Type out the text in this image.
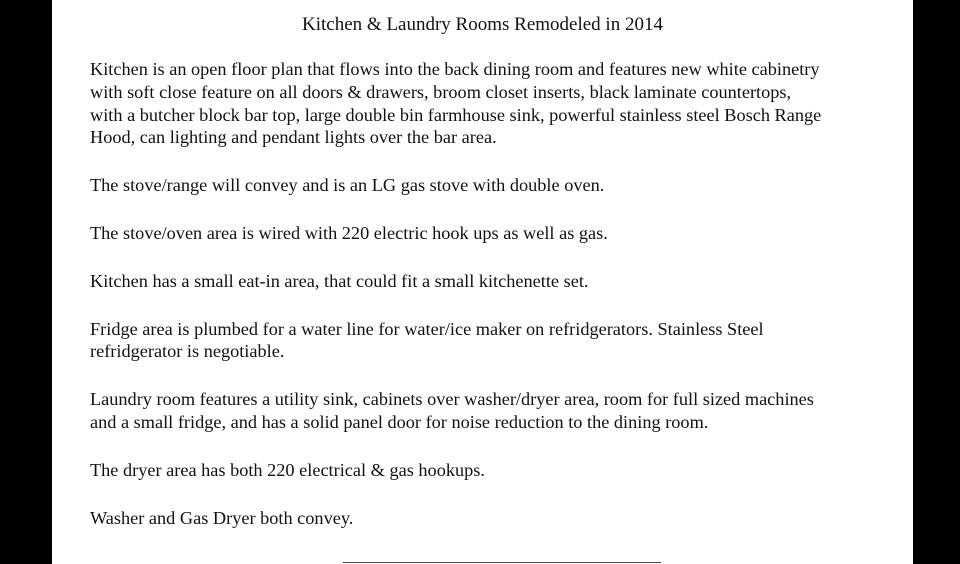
Kitchen & Laundry Rooms Remodeled in 2014

Kitchen is an open floor plan that flows into the back dining room and features new white cabinetry
with soft close feature on all doors & drawers, broom closet inserts, black laminate countertops,
with a butcher block bar top, large double bin farmhouse sink, powerful stainless steel Bosch Range
Hood, can lighting and pendant lights over the bar area.

The stove/range will convey and is an LG gas stove with double oven.

The stove/oven area is wired with 220 electric hook ups as well as gas.

Kitchen has a small eat-in area, that could fit a small kitchenette set.

Fridge area is plumbed for a water line for water/ice maker on refridgerators. Stainless Steel
refridgerator is negotiable.

Laundry room features a utility sink, cabinets over washer/dryer area, room for full sized machines
and a small fridge, and has a solid panel door for noise reduction to the dining room.

The dryer area has both 220 electrical & gas hookups.

Washer and Gas Dryer both convey.
